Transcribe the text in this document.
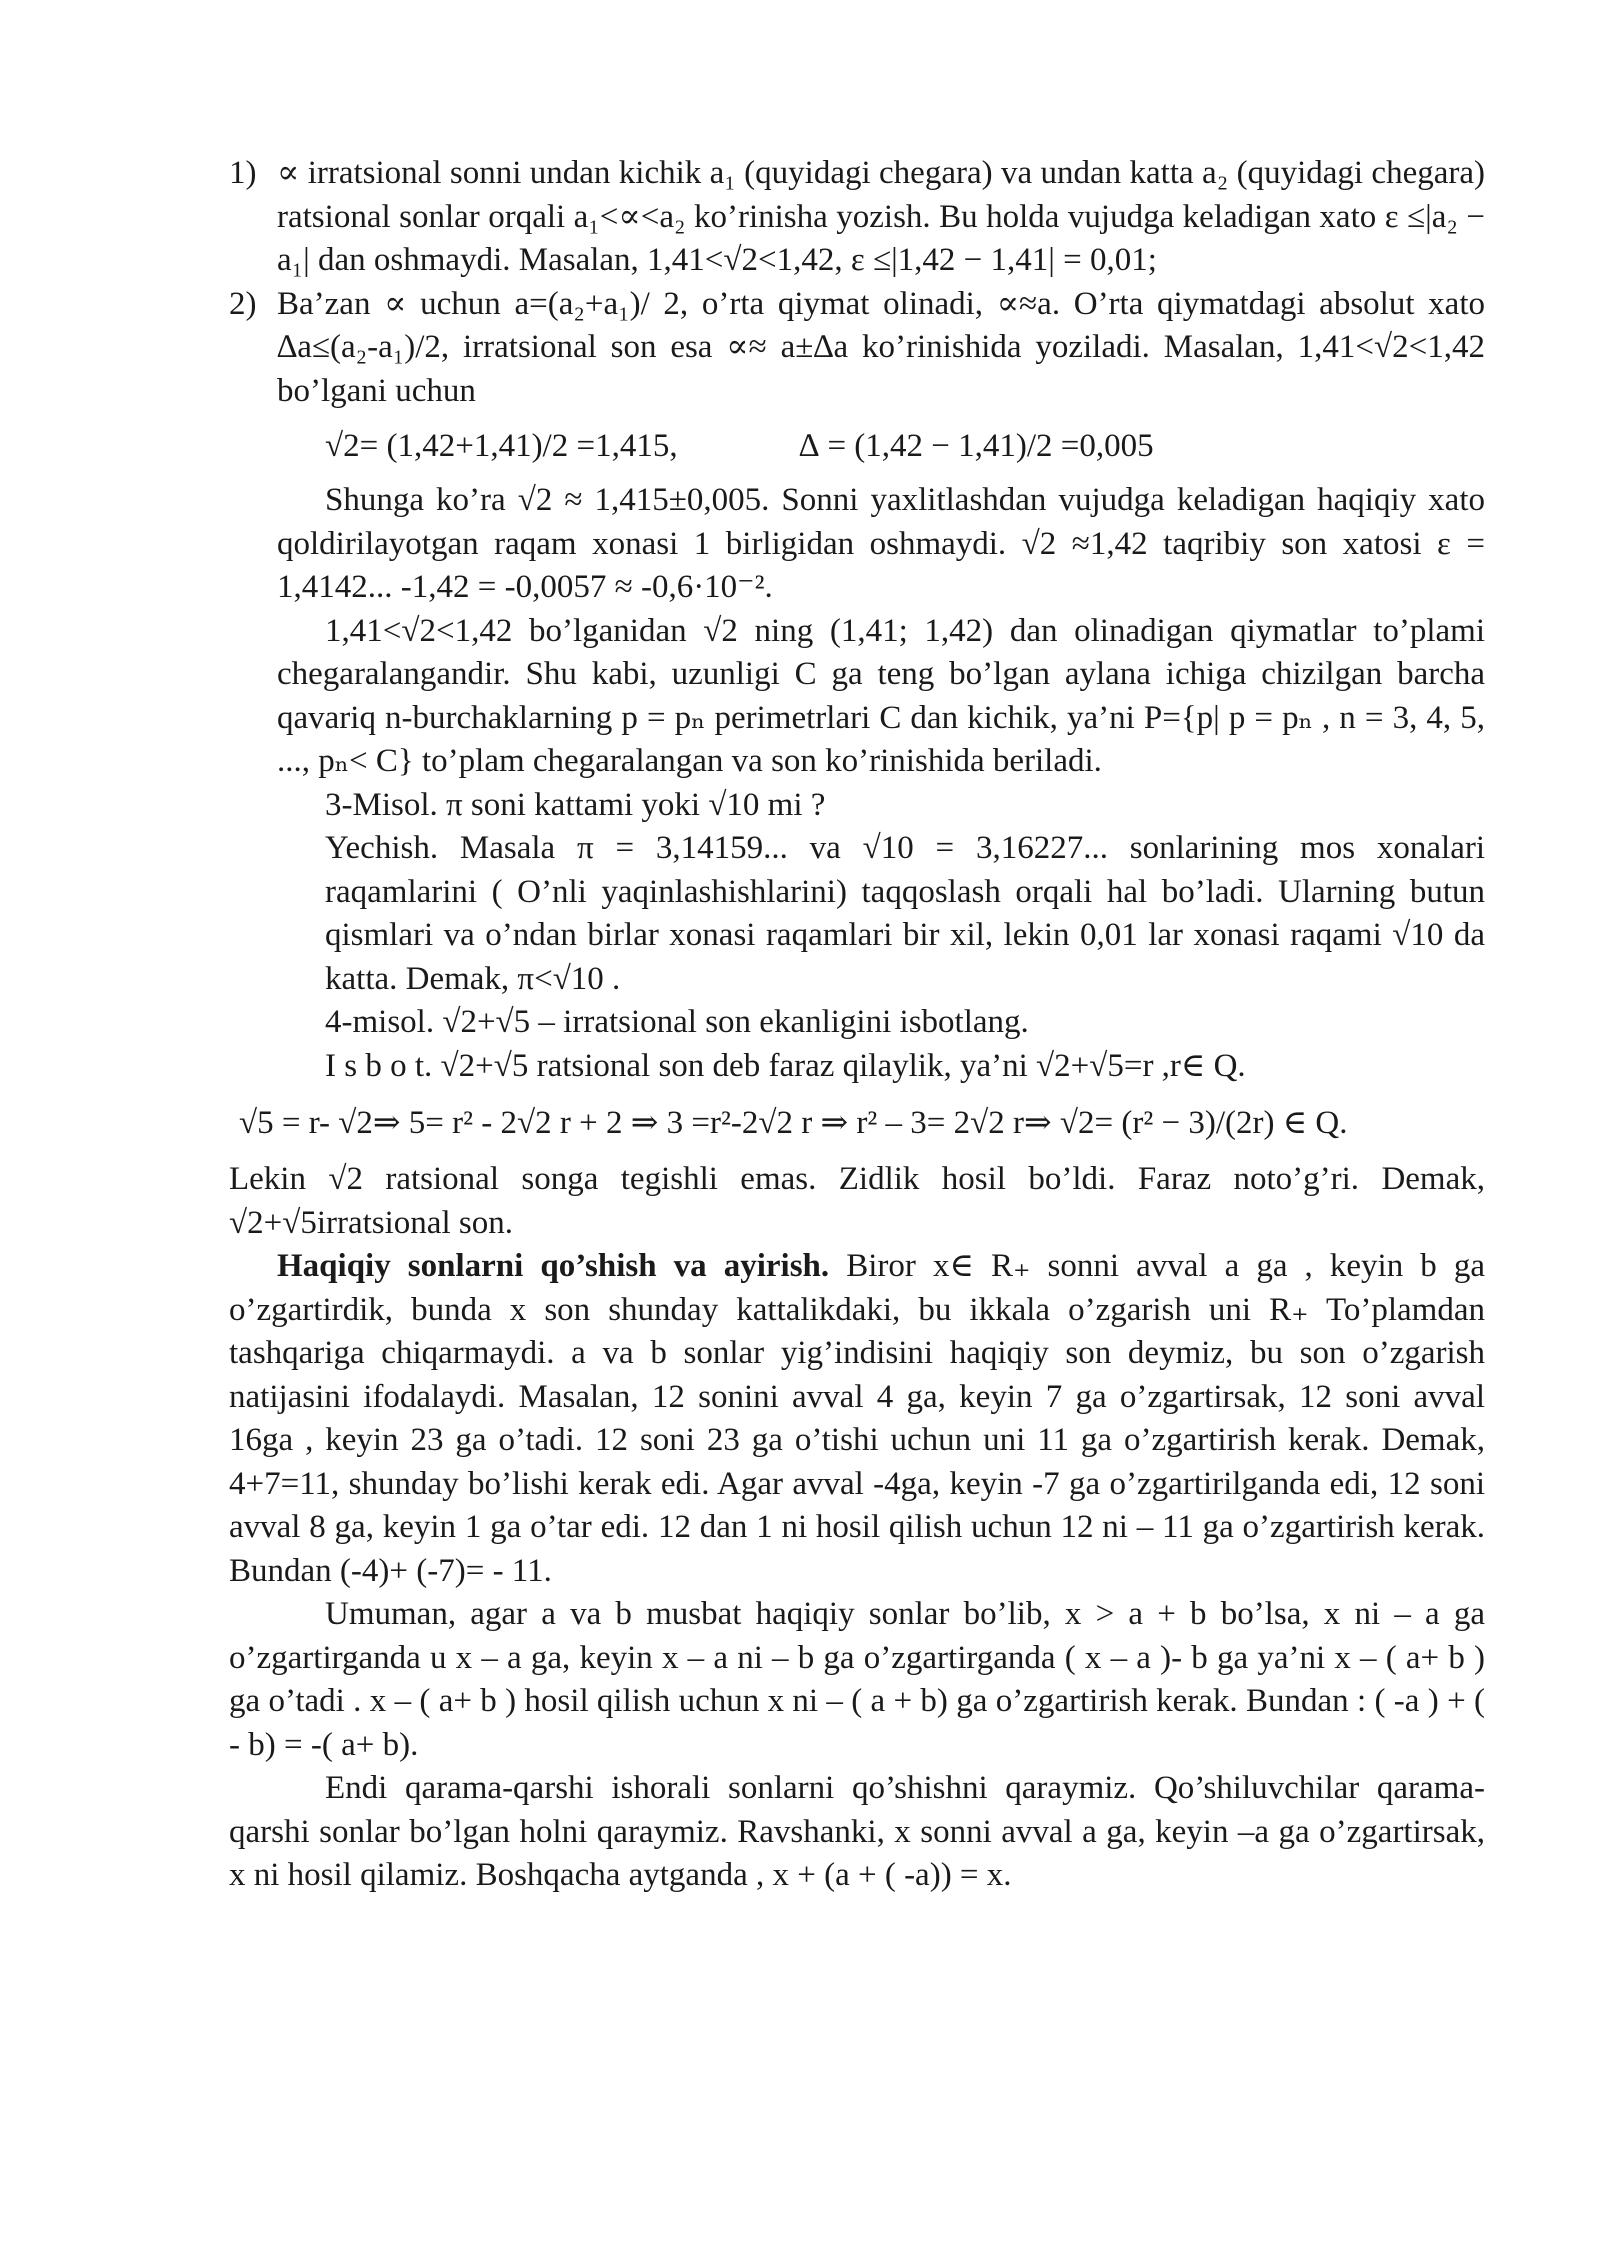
1) ∝ irratsional sonni undan kichik a₁ (quyidagi chegara) va undan katta a₂ (quyidagi chegara) ratsional sonlar orqali a₁<∝<a₂ ko’rinisha yozish. Bu holda vujudga keladigan xato ε ≤|a₂ − a₁| dan oshmaydi. Masalan, 1,41<√2<1,42, ε ≤|1,42 − 1,41| = 0,01;
2) Ba’zan ∝ uchun a=(a₂+a₁)/ 2, o’rta qiymat olinadi, ∝≈a. O’rta qiymatdagi absolut xato ∆a≤(a₂-a₁)/2, irratsional son esa ∝≈ a±∆a ko’rinishida yoziladi. Masalan, 1,41<√2<1,42 bo’lgani uchun
√2= (1,42+1,41)/2 =1,415,	∆ = (1,42 − 1,41)/2 =0,005

Shunga ko’ra √2 ≈ 1,415±0,005. Sonni yaxlitlashdan vujudga keladigan haqiqiy xato qoldirilayotgan raqam xonasi 1 birligidan oshmaydi. √2 ≈1,42 taqribiy son xatosi ε = 1,4142... -1,42 = -0,0057 ≈ -0,6·10⁻².

1,41<√2<1,42 bo’lganidan √2 ning (1,41; 1,42) dan olinadigan qiymatlar to’plami chegaralangandir. Shu kabi, uzunligi C ga teng bo’lgan aylana ichiga chizilgan barcha qavariq n-burchaklarning p = pₙ perimetrlari C dan kichik, ya’ni P={p| p = pₙ , n = 3, 4, 5, ..., pₙ< C} to’plam chegaralangan va son ko’rinishida beriladi.

3-Misol. π soni kattami yoki √10 mi ?

Yechish. Masala π = 3,14159... va √10 = 3,16227... sonlarining mos xonalari raqamlarini ( O’nli yaqinlashishlarini) taqqoslash orqali hal bo’ladi. Ularning butun qismlari va o’ndan birlar xonasi raqamlari bir xil, lekin 0,01 lar xonasi raqami √10 da katta. Demak, π<√10 .

4-misol. √2+√5 – irratsional son ekanligini isbotlang.

I s b o t. √2+√5 ratsional son deb faraz qilaylik, ya’ni √2+√5=r ,r∈ Q.

√5 = r- √2⇒ 5= r² - 2√2 r + 2 ⇒ 3 =r²-2√2 r ⇒ r² – 3= 2√2 r⇒ √2= (r² − 3)/(2r) ∈ Q.

Lekin √2 ratsional songa tegishli emas. Zidlik hosil bo’ldi. Faraz noto’g’ri. Demak, √2+√5irratsional son.

Haqiqiy sonlarni qo’shish va ayirish. Biror x∈ R₊ sonni avval a ga , keyin b ga o’zgartirdik, bunda x son shunday kattalikdaki, bu ikkala o’zgarish uni R₊ To’plamdan tashqariga chiqarmaydi. a va b sonlar yig’indisini haqiqiy son deymiz, bu son o’zgarish natijasini ifodalaydi. Masalan, 12 sonini avval 4 ga, keyin 7 ga o’zgartirsak, 12 soni avval 16ga , keyin 23 ga o’tadi. 12 soni 23 ga o’tishi uchun uni 11 ga o’zgartirish kerak. Demak, 4+7=11, shunday bo’lishi kerak edi. Agar avval -4ga, keyin -7 ga o’zgartirilganda edi, 12 soni avval 8 ga, keyin 1 ga o’tar edi. 12 dan 1 ni hosil qilish uchun 12 ni – 11 ga o’zgartirish kerak. Bundan (-4)+ (-7)= - 11.

Umuman, agar a va b musbat haqiqiy sonlar bo’lib, x > a + b bo’lsa, x ni – a ga o’zgartirganda u x – a ga, keyin x – a ni – b ga o’zgartirganda ( x – a )- b ga ya’ni x – ( a+ b ) ga o’tadi . x – ( a+ b ) hosil qilish uchun x ni – ( a + b) ga o’zgartirish kerak. Bundan : ( -a ) + ( - b) = -( a+ b).

Endi qarama-qarshi ishorali sonlarni qo’shishni qaraymiz. Qo’shiluvchilar qarama-qarshi sonlar bo’lgan holni qaraymiz. Ravshanki, x sonni avval a ga, keyin –a ga o’zgartirsak, x ni hosil qilamiz. Boshqacha aytganda , x + (a + ( -a)) = x.
